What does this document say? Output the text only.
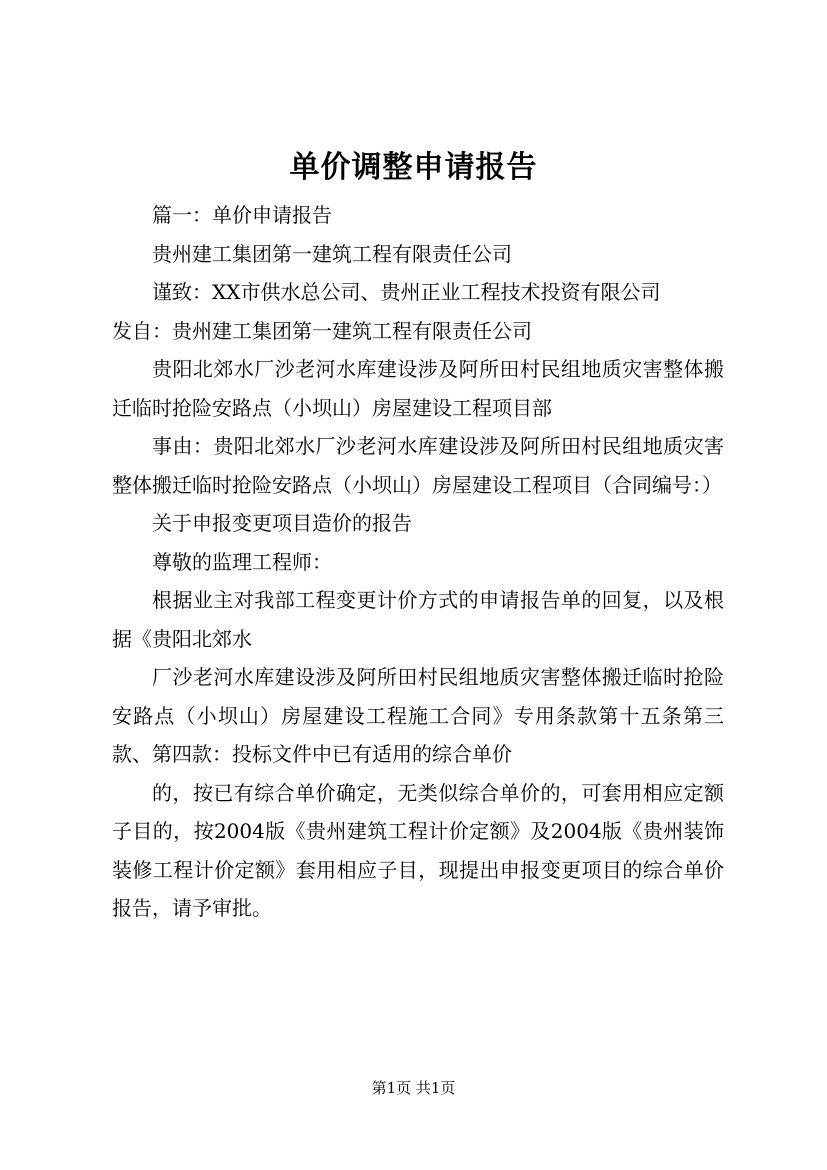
单价调整申请报告

篇一：单价申请报告

贵州建工集团第一建筑工程有限责任公司

谨致：XX市供水总公司、贵州正业工程技术投资有限公司

发自：贵州建工集团第一建筑工程有限责任公司

贵阳北郊水厂沙老河水库建设涉及阿所田村民组地质灾害整体搬迁临时抢险安路点（小坝山）房屋建设工程项目部

事由：贵阳北郊水厂沙老河水库建设涉及阿所田村民组地质灾害整体搬迁临时抢险安路点（小坝山）房屋建设工程项目（合同编号：）

关于申报变更项目造价的报告

尊敬的监理工程师：

根据业主对我部工程变更计价方式的申请报告单的回复，以及根据《贵阳北郊水

厂沙老河水库建设涉及阿所田村民组地质灾害整体搬迁临时抢险安路点（小坝山）房屋建设工程施工合同》专用条款第十五条第三款、第四款：投标文件中已有适用的综合单价

的，按已有综合单价确定，无类似综合单价的，可套用相应定额子目的，按2004版《贵州建筑工程计价定额》及2004版《贵州装饰装修工程计价定额》套用相应子目，现提出申报变更项目的综合单价报告，请予审批。

第1页 共1页
